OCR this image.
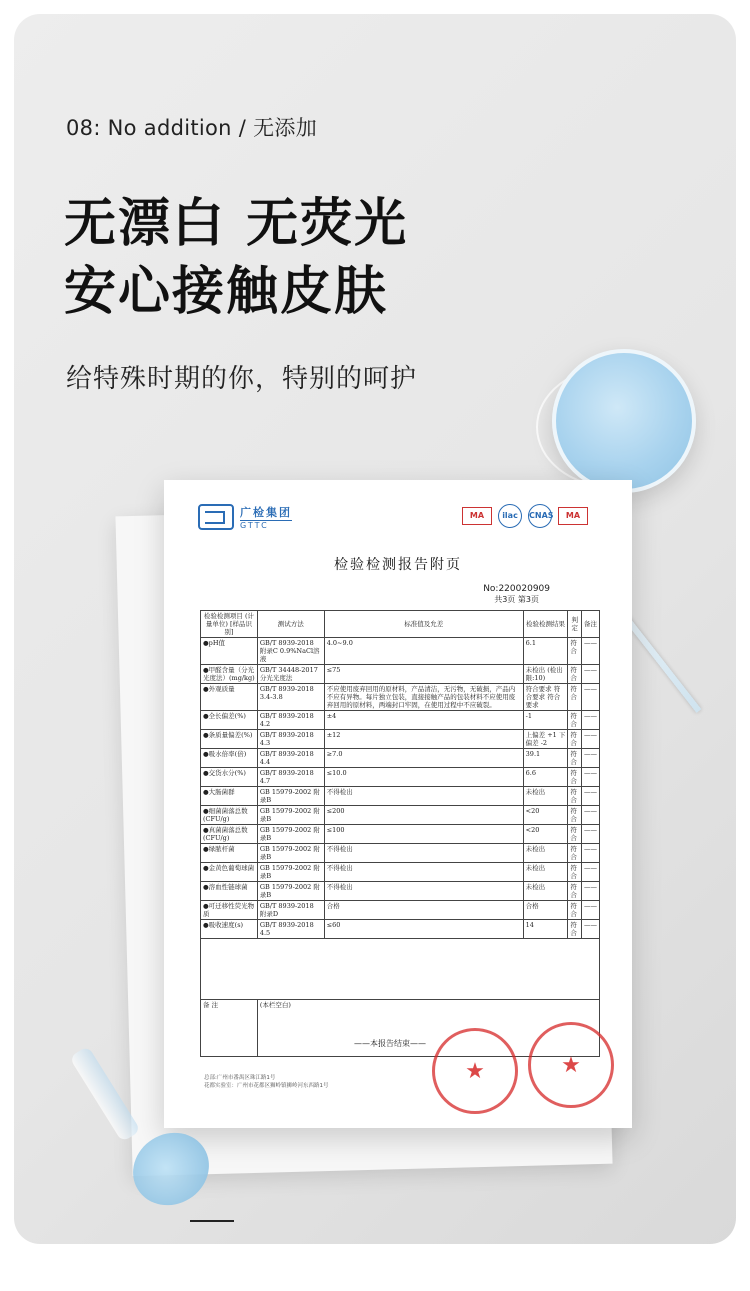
08: No addition / 无添加
无漂白 无荧光
安心接触皮肤
给特殊时期的你，特别的呵护
广检集团
GTTC
MA	ilac	CNAS	MA
检验检测报告附页
No:220020909
共3页 第3页
检验检测项目 (计量单位) [样品识别]	测试方法	标准值及允差	检验检测结果	判定	备注
●pH值	GB/T 8939-2018 附录C 0.9%NaCl溶液	4.0~9.0	6.1	符合	——
●甲醛含量（分光光度法）(mg/kg)	GB/T 34448-2017 分光光度法	≤75	未检出 (检出限:10)	符合	——
●外观质量	GB/T 8939-2018 3.4-3.8	不应使用废弃回用的原材料，产品清洁，无污物，无破损，产品内不应有异物。每片独立包装，直接接触产品的包装材料不应使用废弃回用的原材料，两端封口牢固，在使用过程中不应破裂。	符合要求 符合要求 符合要求	符合	——
●全长偏差(%)	GB/T 8939-2018 4.2	±4	-1	符合	——
●条质量偏差(%)	GB/T 8939-2018 4.3	±12	上偏差 +1 下偏差 -2	符合	——
●吸水倍率(倍)	GB/T 8939-2018 4.4	≥7.0	39.1	符合	——
●交货水分(%)	GB/T 8939-2018 4.7	≤10.0	6.6	符合	——
●大肠菌群	GB 15979-2002 附录B	不得检出	未检出	符合	——
●细菌菌落总数(CFU/g)	GB 15979-2002 附录B	≤200	<20	符合	——
●真菌菌落总数(CFU/g)	GB 15979-2002 附录B	≤100	<20	符合	——
●绿脓杆菌	GB 15979-2002 附录B	不得检出	未检出	符合	——
●金黄色葡萄球菌	GB 15979-2002 附录B	不得检出	未检出	符合	——
●溶血性链球菌	GB 15979-2002 附录B	不得检出	未检出	符合	——
●可迁移性荧光物质	GB/T 8939-2018 附录D	合格	合格	符合	——
●吸收速度(s)	GB/T 8939-2018 4.5	≤60	14	符合	——

备 注	(本栏空白)				
——本报告结束——
总部:广州市番禺区珠江路1号
花都实验室：广州市花都区狮岭镇狮岭河东西路1号
★	★
